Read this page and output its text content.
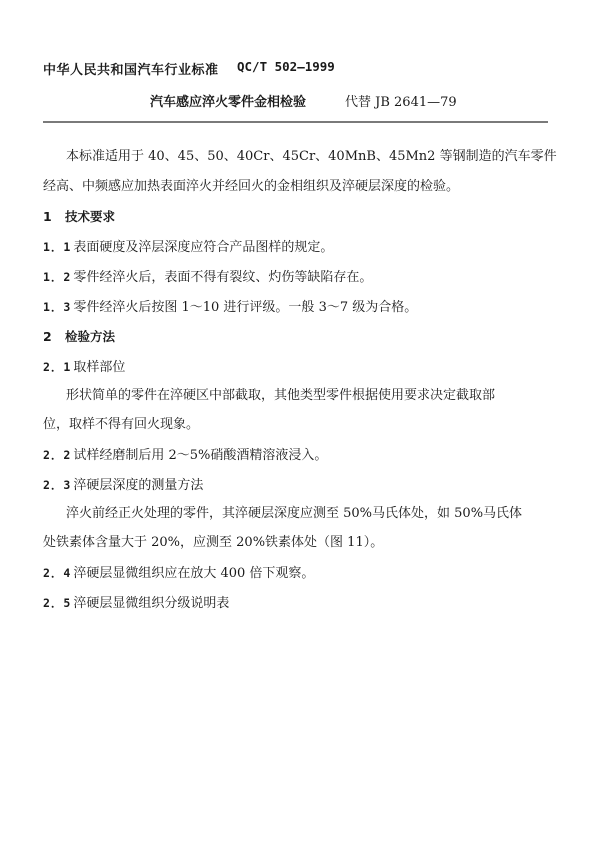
中华人民共和国汽车行业标准 QC/T 502—1999
汽车感应淬火零件金相检验	代替 JB 2641—79
本标准适用于 40、45、50、40Cr、45Cr、40MnB、45Mn2 等钢制造的汽车零件
经高、中频感应加热表面淬火并经回火的金相组织及淬硬层深度的检验。
1 技术要求
1．1 表面硬度及淬层深度应符合产品图样的规定。
1．2 零件经淬火后，表面不得有裂纹、灼伤等缺陷存在。
1．3 零件经淬火后按图 1～10 进行评级。一般 3～7 级为合格。
2 检验方法
2．1 取样部位
形状简单的零件在淬硬区中部截取，其他类型零件根据使用要求决定截取部
位，取样不得有回火现象。
2．2 试样经磨制后用 2～5%硝酸酒精溶液浸入。
2．3 淬硬层深度的测量方法
淬火前经正火处理的零件，其淬硬层深度应测至 50%马氏体处，如 50%马氏体
处铁素体含量大于 20%，应测至 20%铁素体处（图 11）。
2．4 淬硬层显微组织应在放大 400 倍下观察。
2．5 淬硬层显微组织分级说明表
